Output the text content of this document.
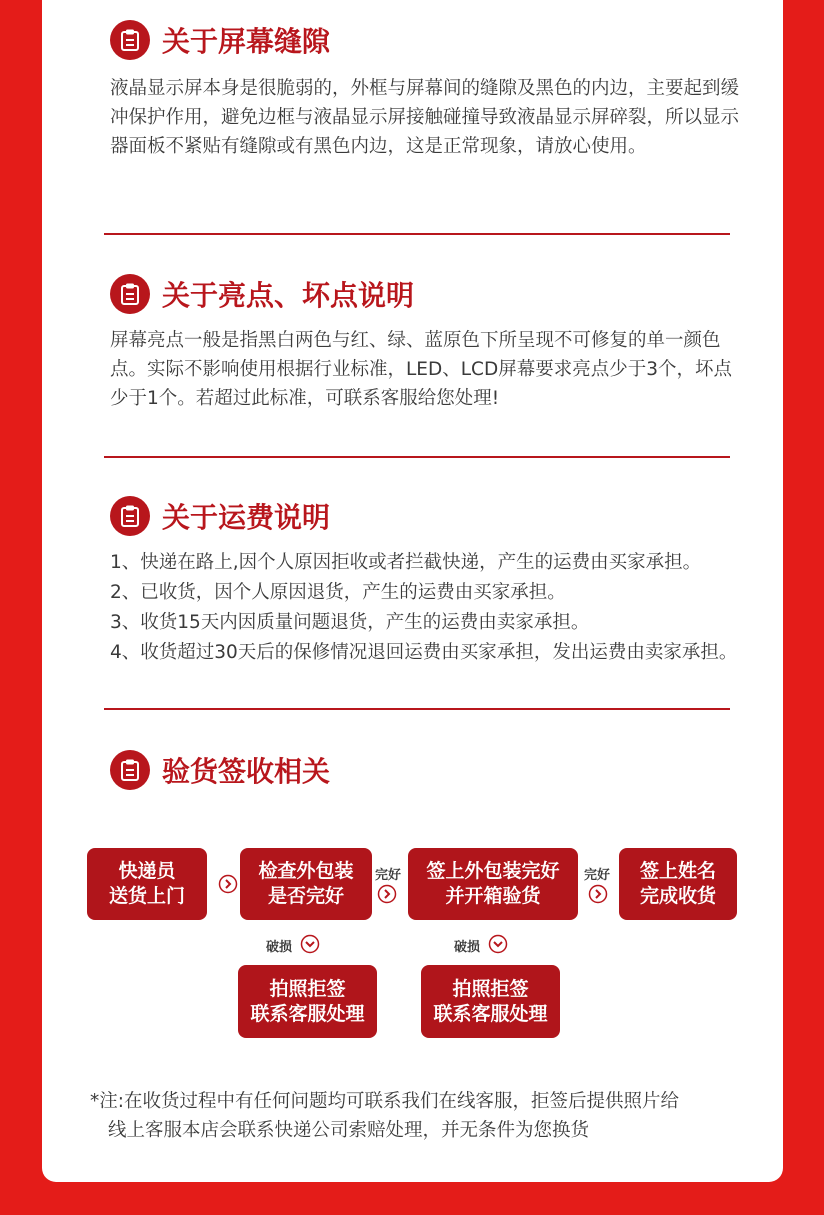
关于屏幕缝隙
液晶显示屏本身是很脆弱的，外框与屏幕间的缝隙及黑色的内边，主要起到缓冲保护作用，避免边框与液晶显示屏接触碰撞导致液晶显示屏碎裂，所以显示器面板不紧贴有缝隙或有黑色内边，这是正常现象，请放心使用。
关于亮点、坏点说明
屏幕亮点一般是指黑白两色与红、绿、蓝原色下所呈现不可修复的单一颜色点。实际不影响使用根据行业标准，LED、LCD屏幕要求亮点少于3个，坏点少于1个。若超过此标准，可联系客服给您处理!
关于运费说明
1、快递在路上,因个人原因拒收或者拦截快递，产生的运费由买家承担。
2、已收货，因个人原因退货，产生的运费由买家承担。
3、收货15天内因质量问题退货，产生的运费由卖家承担。
4、收货超过30天后的保修情况退回运费由买家承担，发出运费由卖家承担。
验货签收相关
快递员
送货上门
检查外包装
是否完好
完好 签上外包装完好
并开箱验货
完好 签上姓名
完成收货
破损	破损
拍照拒签
联系客服处理
拍照拒签
联系客服处理
*注:在收货过程中有任何问题均可联系我们在线客服，拒签后提供照片给
线上客服本店会联系快递公司索赔处理，并无条件为您换货
